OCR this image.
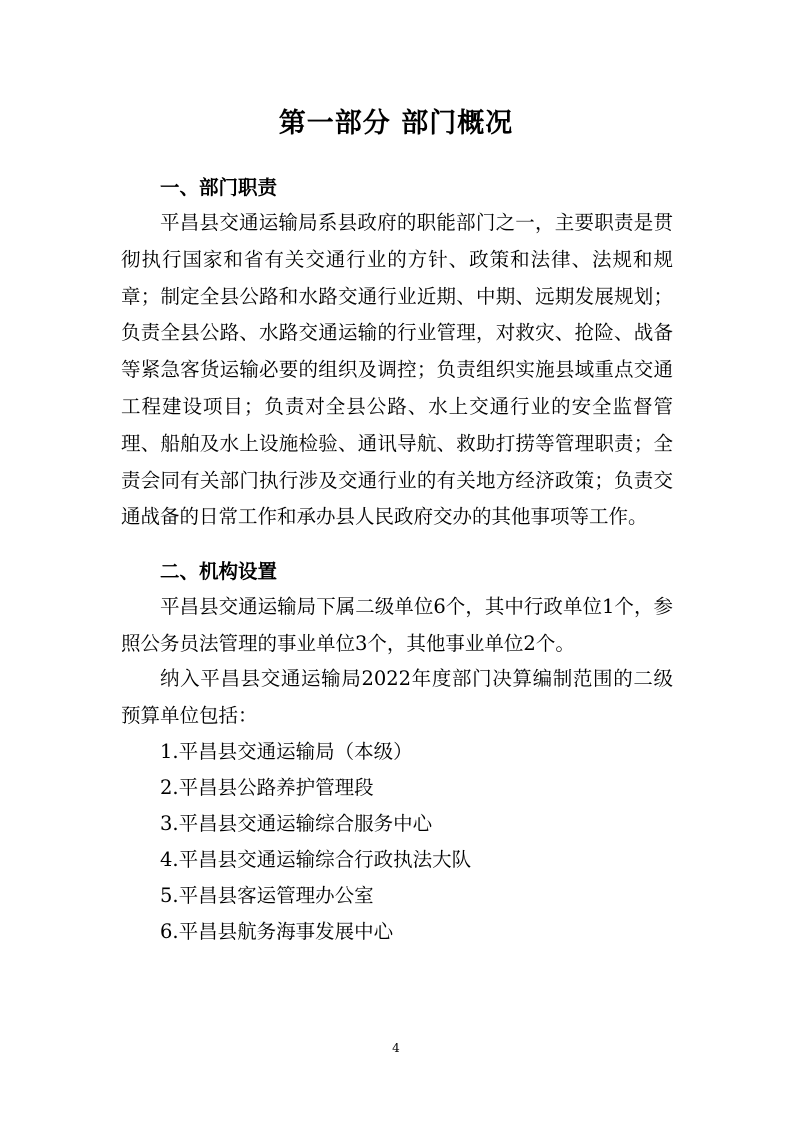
第一部分 部门概况
一、部门职责
平昌县交通运输局系县政府的职能部门之一，主要职责是贯彻执行国家和省有关交通行业的方针、政策和法律、法规和规章；制定全县公路和水路交通行业近期、中期、远期发展规划；负责全县公路、水路交通运输的行业管理，对救灾、抢险、战备等紧急客货运输必要的组织及调控；负责组织实施县域重点交通工程建设项目；负责对全县公路、水上交通行业的安全监督管理、船舶及水上设施检验、通讯导航、救助打捞等管理职责；全责会同有关部门执行涉及交通行业的有关地方经济政策；负责交通战备的日常工作和承办县人民政府交办的其他事项等工作。
二、机构设置
平昌县交通运输局下属二级单位6个，其中行政单位1个，参照公务员法管理的事业单位3个，其他事业单位2个。
纳入平昌县交通运输局2022年度部门决算编制范围的二级预算单位包括：
1.平昌县交通运输局（本级）
2.平昌县公路养护管理段
3.平昌县交通运输综合服务中心
4.平昌县交通运输综合行政执法大队
5.平昌县客运管理办公室
6.平昌县航务海事发展中心
4
